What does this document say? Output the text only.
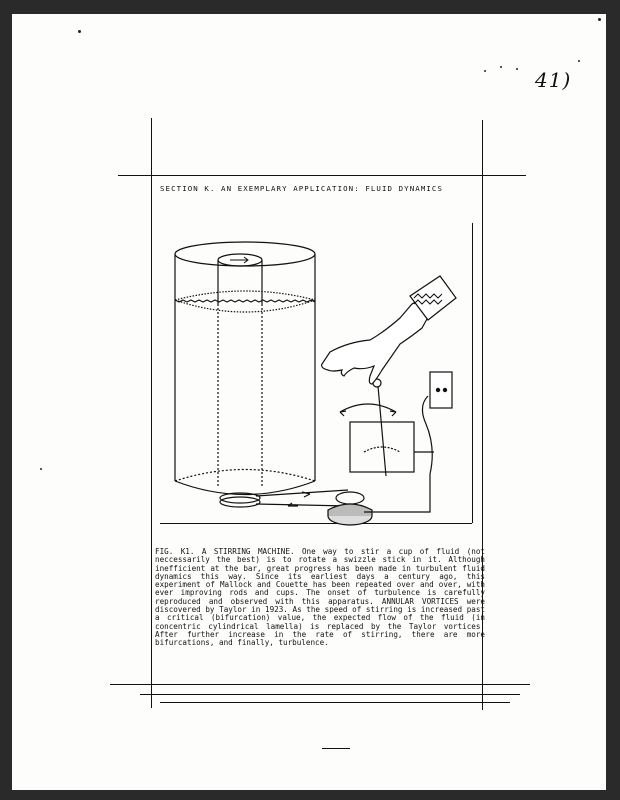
41)
SECTION K. AN EXEMPLARY APPLICATION: FLUID DYNAMICS
FIG. K1. A STIRRING MACHINE. One way to stir a cup of fluid (not neccessarily the best) is to rotate a swizzle stick in it. Although inefficient at the bar, great progress has been made in turbulent fluid dynamics this way. Since its earliest days a century ago, this experiment of Mallock and Couette has been repeated over and over, with ever improving rods and cups. The onset of turbulence is carefully reproduced and observed with this apparatus. ANNULAR VORTICES were discovered by Taylor in 1923. As the speed of stirring is increased past a critical (bifurcation) value, the expected flow of the fluid (in concentric cylindrical lamella) is replaced by the Taylor vortices. After further increase in the rate of stirring, there are more bifurcations, and finally, turbulence.
